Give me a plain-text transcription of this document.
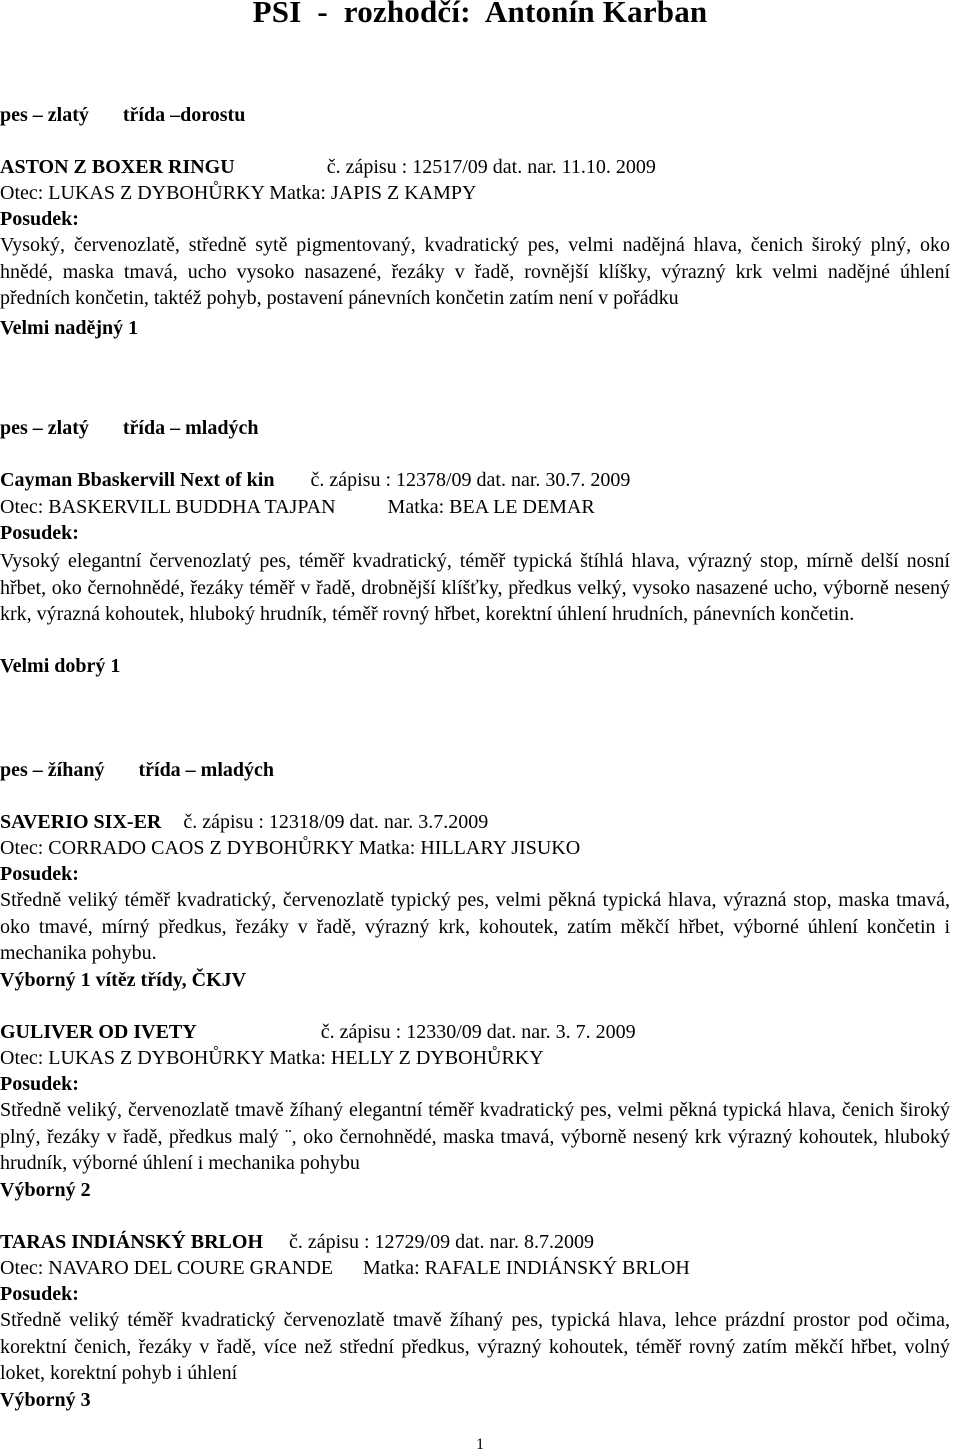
PSI  -  rozhodčí:  Antonín Karban
pes – zlatý třída –dorostu
ASTON Z BOXER RINGU	č. zápisu : 12517/09 dat. nar. 11.10. 2009
Otec: LUKAS Z DYBOHŮRKY Matka: JAPIS Z KAMPY
Posudek:
Vysoký, červenozlatě, středně sytě pigmentovaný, kvadratický pes, velmi nadějná hlava, čenich široký plný, oko hnědé, maska tmavá, ucho vysoko nasazené, řezáky v řadě, rovnější klíšky, výrazný krk velmi nadějné úhlení předních končetin, taktéž pohyb, postavení pánevních končetin zatím není v pořádku
Velmi nadějný 1
pes – zlatý třída – mladých
Cayman Bbaskervill Next of kin č. zápisu : 12378/09 dat. nar. 30.7. 2009
Otec: BASKERVILL BUDDHA TAJPAN	Matka: BEA LE DEMAR
Posudek:
Vysoký elegantní červenozlatý pes, téměř kvadratický, téměř typická štíhlá hlava, výrazný stop, mírně delší nosní hřbet, oko černohnědé, řezáky téměř v řadě, drobnější klíšťky, předkus velký, vysoko nasazené ucho, výborně nesený krk, výrazná kohoutek, hluboký hrudník, téměř rovný hřbet, korektní úhlení hrudních, pánevních končetin.
Velmi dobrý 1
pes – žíhaný třída – mladých
SAVERIO SIX-ER č. zápisu : 12318/09 dat. nar. 3.7.2009
Otec: CORRADO CAOS Z DYBOHŮRKY Matka: HILLARY JISUKO
Posudek:
Středně veliký téměř kvadratický, červenozlatě typický pes, velmi pěkná typická hlava, výrazná stop, maska tmavá, oko tmavé, mírný předkus, řezáky v řadě, výrazný krk, kohoutek, zatím měkčí hřbet, výborné úhlení končetin i mechanika pohybu.
Výborný 1 vítěz třídy, ČKJV
GULIVER OD IVETY	č. zápisu : 12330/09 dat. nar. 3. 7. 2009
Otec: LUKAS Z DYBOHŮRKY Matka: HELLY Z DYBOHŮRKY
Posudek:
Středně veliký, červenozlatě tmavě žíhaný elegantní téměř kvadratický pes, velmi pěkná typická hlava, čenich široký plný, řezáky v řadě, předkus malý ¨, oko černohnědé, maska tmavá, výborně nesený krk výrazný kohoutek, hluboký hrudník, výborné úhlení i mechanika pohybu
Výborný 2
TARAS INDIÁNSKÝ BRLOH č. zápisu : 12729/09 dat. nar. 8.7.2009
Otec: NAVARO DEL COURE GRANDE Matka: RAFALE INDIÁNSKÝ BRLOH
Posudek:
Středně veliký téměř kvadratický červenozlatě tmavě žíhaný pes, typická hlava, lehce prázdní prostor pod očima, korektní čenich, řezáky v řadě, více než střední předkus, výrazný kohoutek, téměř rovný zatím měkčí hřbet, volný loket, korektní pohyb i úhlení
Výborný 3
1
